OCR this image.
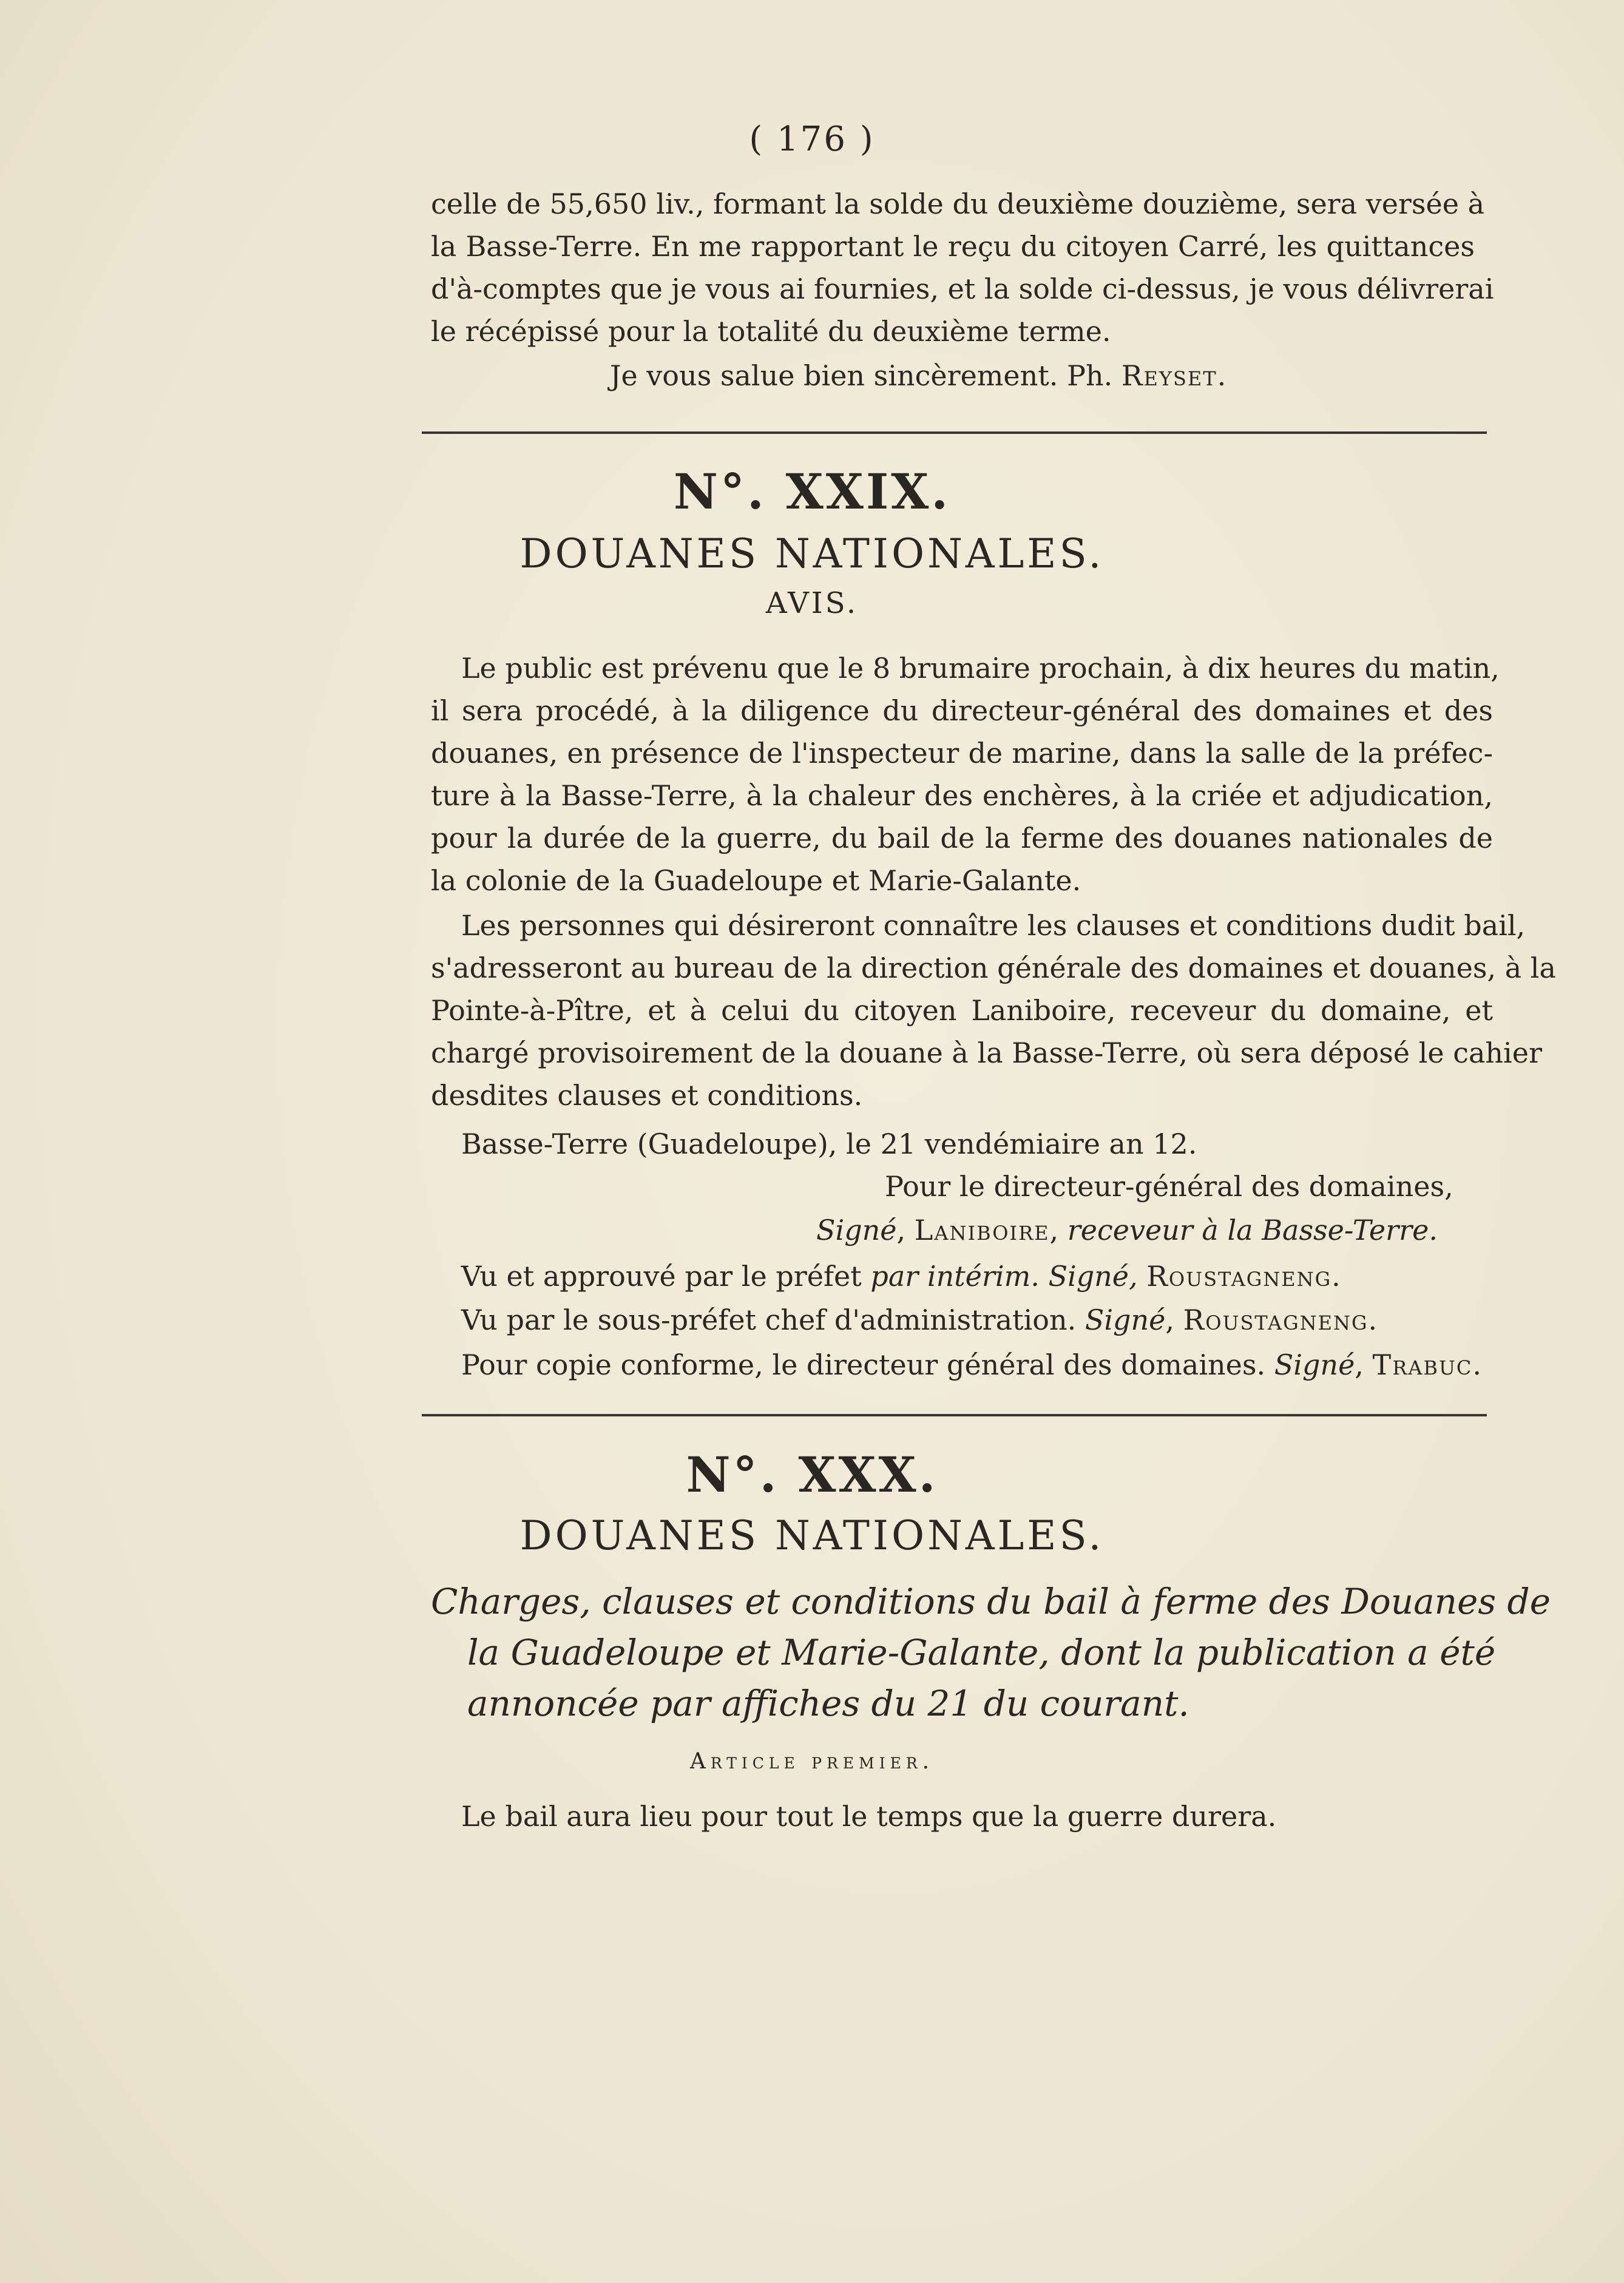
( 176 )
celle de 55,650 liv., formant la solde du deuxième douzième, sera versée à
la Basse-Terre. En me rapportant le reçu du citoyen Carré, les quittances
d'à-comptes que je vous ai fournies, et la solde ci-dessus, je vous délivrerai
le récépissé pour la totalité du deuxième terme.
Je vous salue bien sincèrement. Ph. Reyset.
N°. XXIX.
DOUANES NATIONALES.
AVIS.
Le public est prévenu que le 8 brumaire prochain, à dix heures du matin,
il sera procédé, à la diligence du directeur-général des domaines et des
douanes, en présence de l'inspecteur de marine, dans la salle de la préfec-
ture à la Basse-Terre, à la chaleur des enchères, à la criée et adjudication,
pour la durée de la guerre, du bail de la ferme des douanes nationales de
la colonie de la Guadeloupe et Marie-Galante.
Les personnes qui désireront connaître les clauses et conditions dudit bail,
s'adresseront au bureau de la direction générale des domaines et douanes, à la
Pointe-à-Pître, et à celui du citoyen Laniboire, receveur du domaine, et
chargé provisoirement de la douane à la Basse-Terre, où sera déposé le cahier
desdites clauses et conditions.
Basse-Terre (Guadeloupe), le 21 vendémiaire an 12.
Pour le directeur-général des domaines,
Signé, Laniboire, receveur à la Basse-Terre.
Vu et approuvé par le préfet par intérim. Signé, Roustagneng.
Vu par le sous-préfet chef d'administration. Signé, Roustagneng.
Pour copie conforme, le directeur général des domaines. Signé, Trabuc.
N°. XXX.
DOUANES NATIONALES.
Charges, clauses et conditions du bail à ferme des Douanes de
la Guadeloupe et Marie-Galante, dont la publication a été
annoncée par affiches du 21 du courant.
Article premier.
Le bail aura lieu pour tout le temps que la guerre durera.
